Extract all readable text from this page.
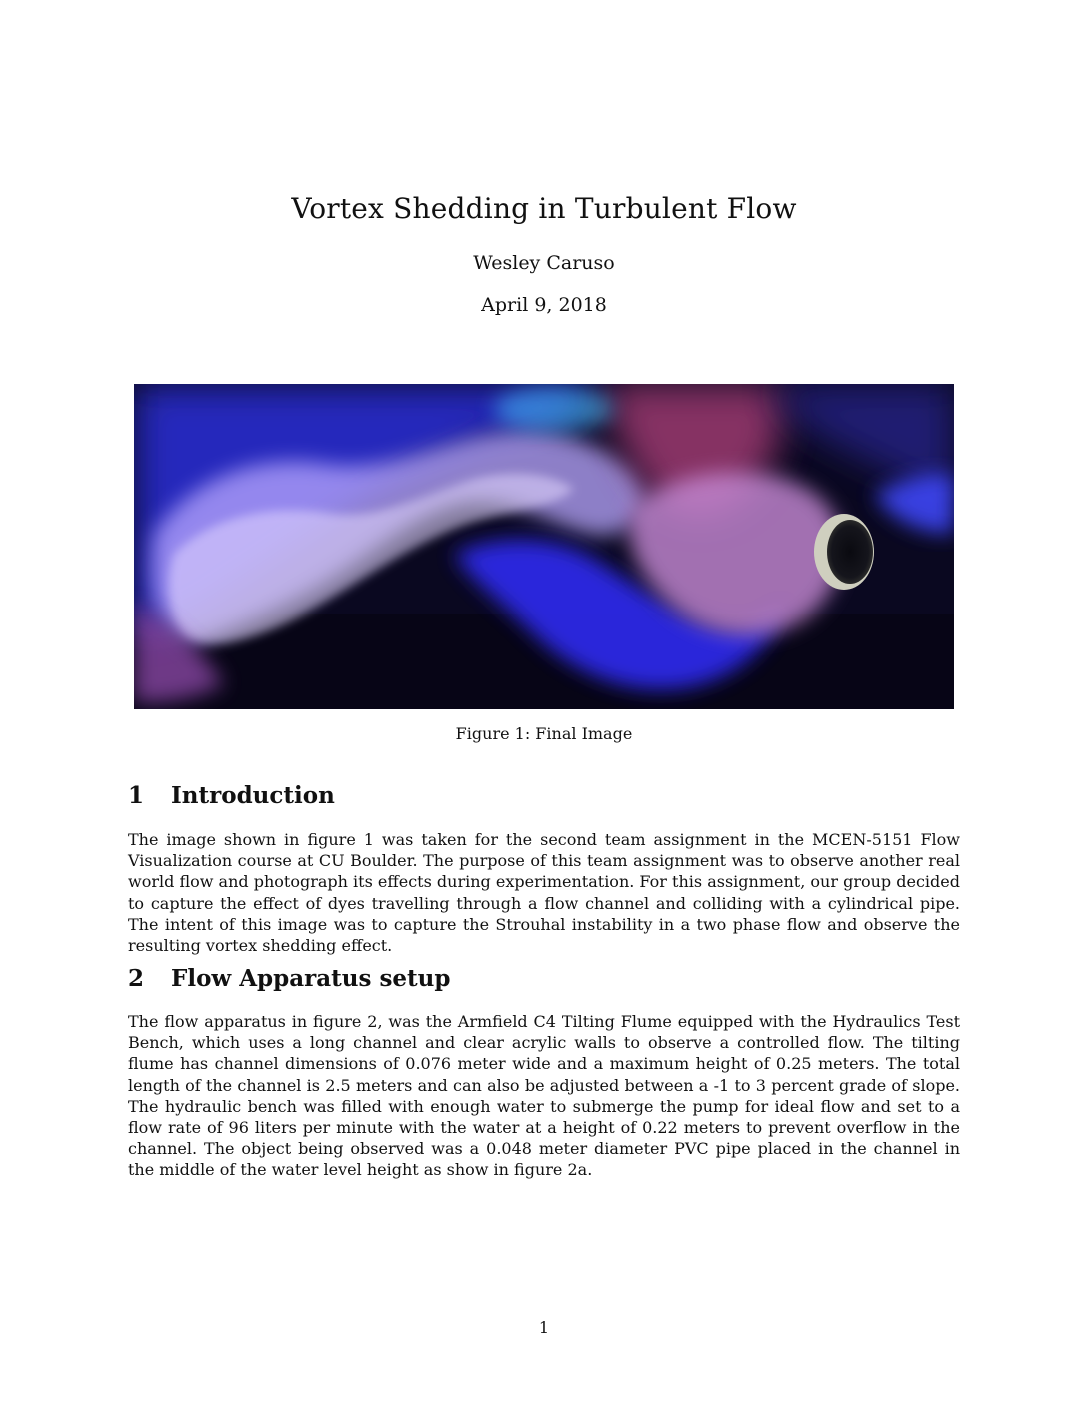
Vortex Shedding in Turbulent Flow
Wesley Caruso
April 9, 2018
Figure 1: Final Image
1 Introduction

The image shown in figure 1 was taken for the second team assignment in the MCEN-5151 Flow Visualization course at CU Boulder. The purpose of this team assignment was to observe another real world flow and photograph its effects during experimentation. For this assignment, our group decided to capture the effect of dyes travelling through a flow channel and colliding with a cylindrical pipe. The intent of this image was to capture the Strouhal instability in a two phase flow and observe the resulting vortex shedding effect.

2 Flow Apparatus setup

The flow apparatus in figure 2, was the Armfield C4 Tilting Flume equipped with the Hydraulics Test Bench, which uses a long channel and clear acrylic walls to observe a controlled flow. The tilting flume has channel dimensions of 0.076 meter wide and a maximum height of 0.25 meters. The total length of the channel is 2.5 meters and can also be adjusted between a -1 to 3 percent grade of slope. The hydraulic bench was filled with enough water to submerge the pump for ideal flow and set to a flow rate of 96 liters per minute with the water at a height of 0.22 meters to prevent overflow in the channel. The object being observed was a 0.048 meter diameter PVC pipe placed in the channel in the middle of the water level height as show in figure 2a.

1
